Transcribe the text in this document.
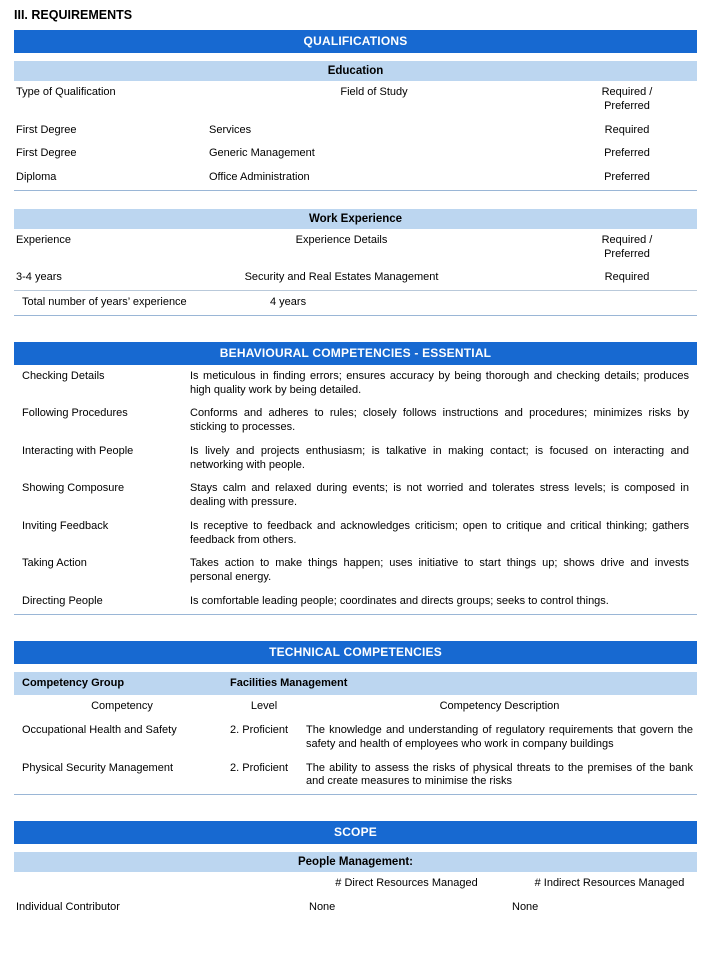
III. REQUIREMENTS
QUALIFICATIONS
Education
Type of Qualification	Field of Study	Required /
Preferred

First Degree	Services	Required
First Degree	Generic Management	Preferred
Diploma	Office Administration	Preferred
Work Experience
Experience	Experience Details	Required /
Preferred

3-4 years	Security and Real Estates Management	Required
Total number of years’ experience	4 years
BEHAVIOURAL COMPETENCIES - ESSENTIAL
Checking Details	Is meticulous in finding errors; ensures accuracy by being thorough and checking details; produces high quality work by being detailed.
Following Procedures	Conforms and adheres to rules; closely follows instructions and procedures; minimizes risks by sticking to processes.
Interacting with People	Is lively and projects enthusiasm; is talkative in making contact; is focused on interacting and networking with people.
Showing Composure	Stays calm and relaxed during events; is not worried and tolerates stress levels; is composed in dealing with pressure.
Inviting Feedback	Is receptive to feedback and acknowledges criticism; open to critique and critical thinking; gathers feedback from others.
Taking Action	Takes action to make things happen; uses initiative to start things up; shows drive and invests personal energy.
Directing People	Is comfortable leading people; coordinates and directs groups; seeks to control things.
TECHNICAL COMPETENCIES
Competency Group	Facilities Management
Competency	Level	Competency Description
Occupational Health and Safety	2. Proficient	The knowledge and understanding of regulatory requirements that govern the safety and health of employees who work in company buildings
Physical Security Management	2. Proficient	The ability to assess the risks of physical threats to the premises of the bank and create measures to minimise the risks
SCOPE
People Management:
	# Direct Resources Managed	# Indirect Resources Managed
Individual Contributor	None	None
